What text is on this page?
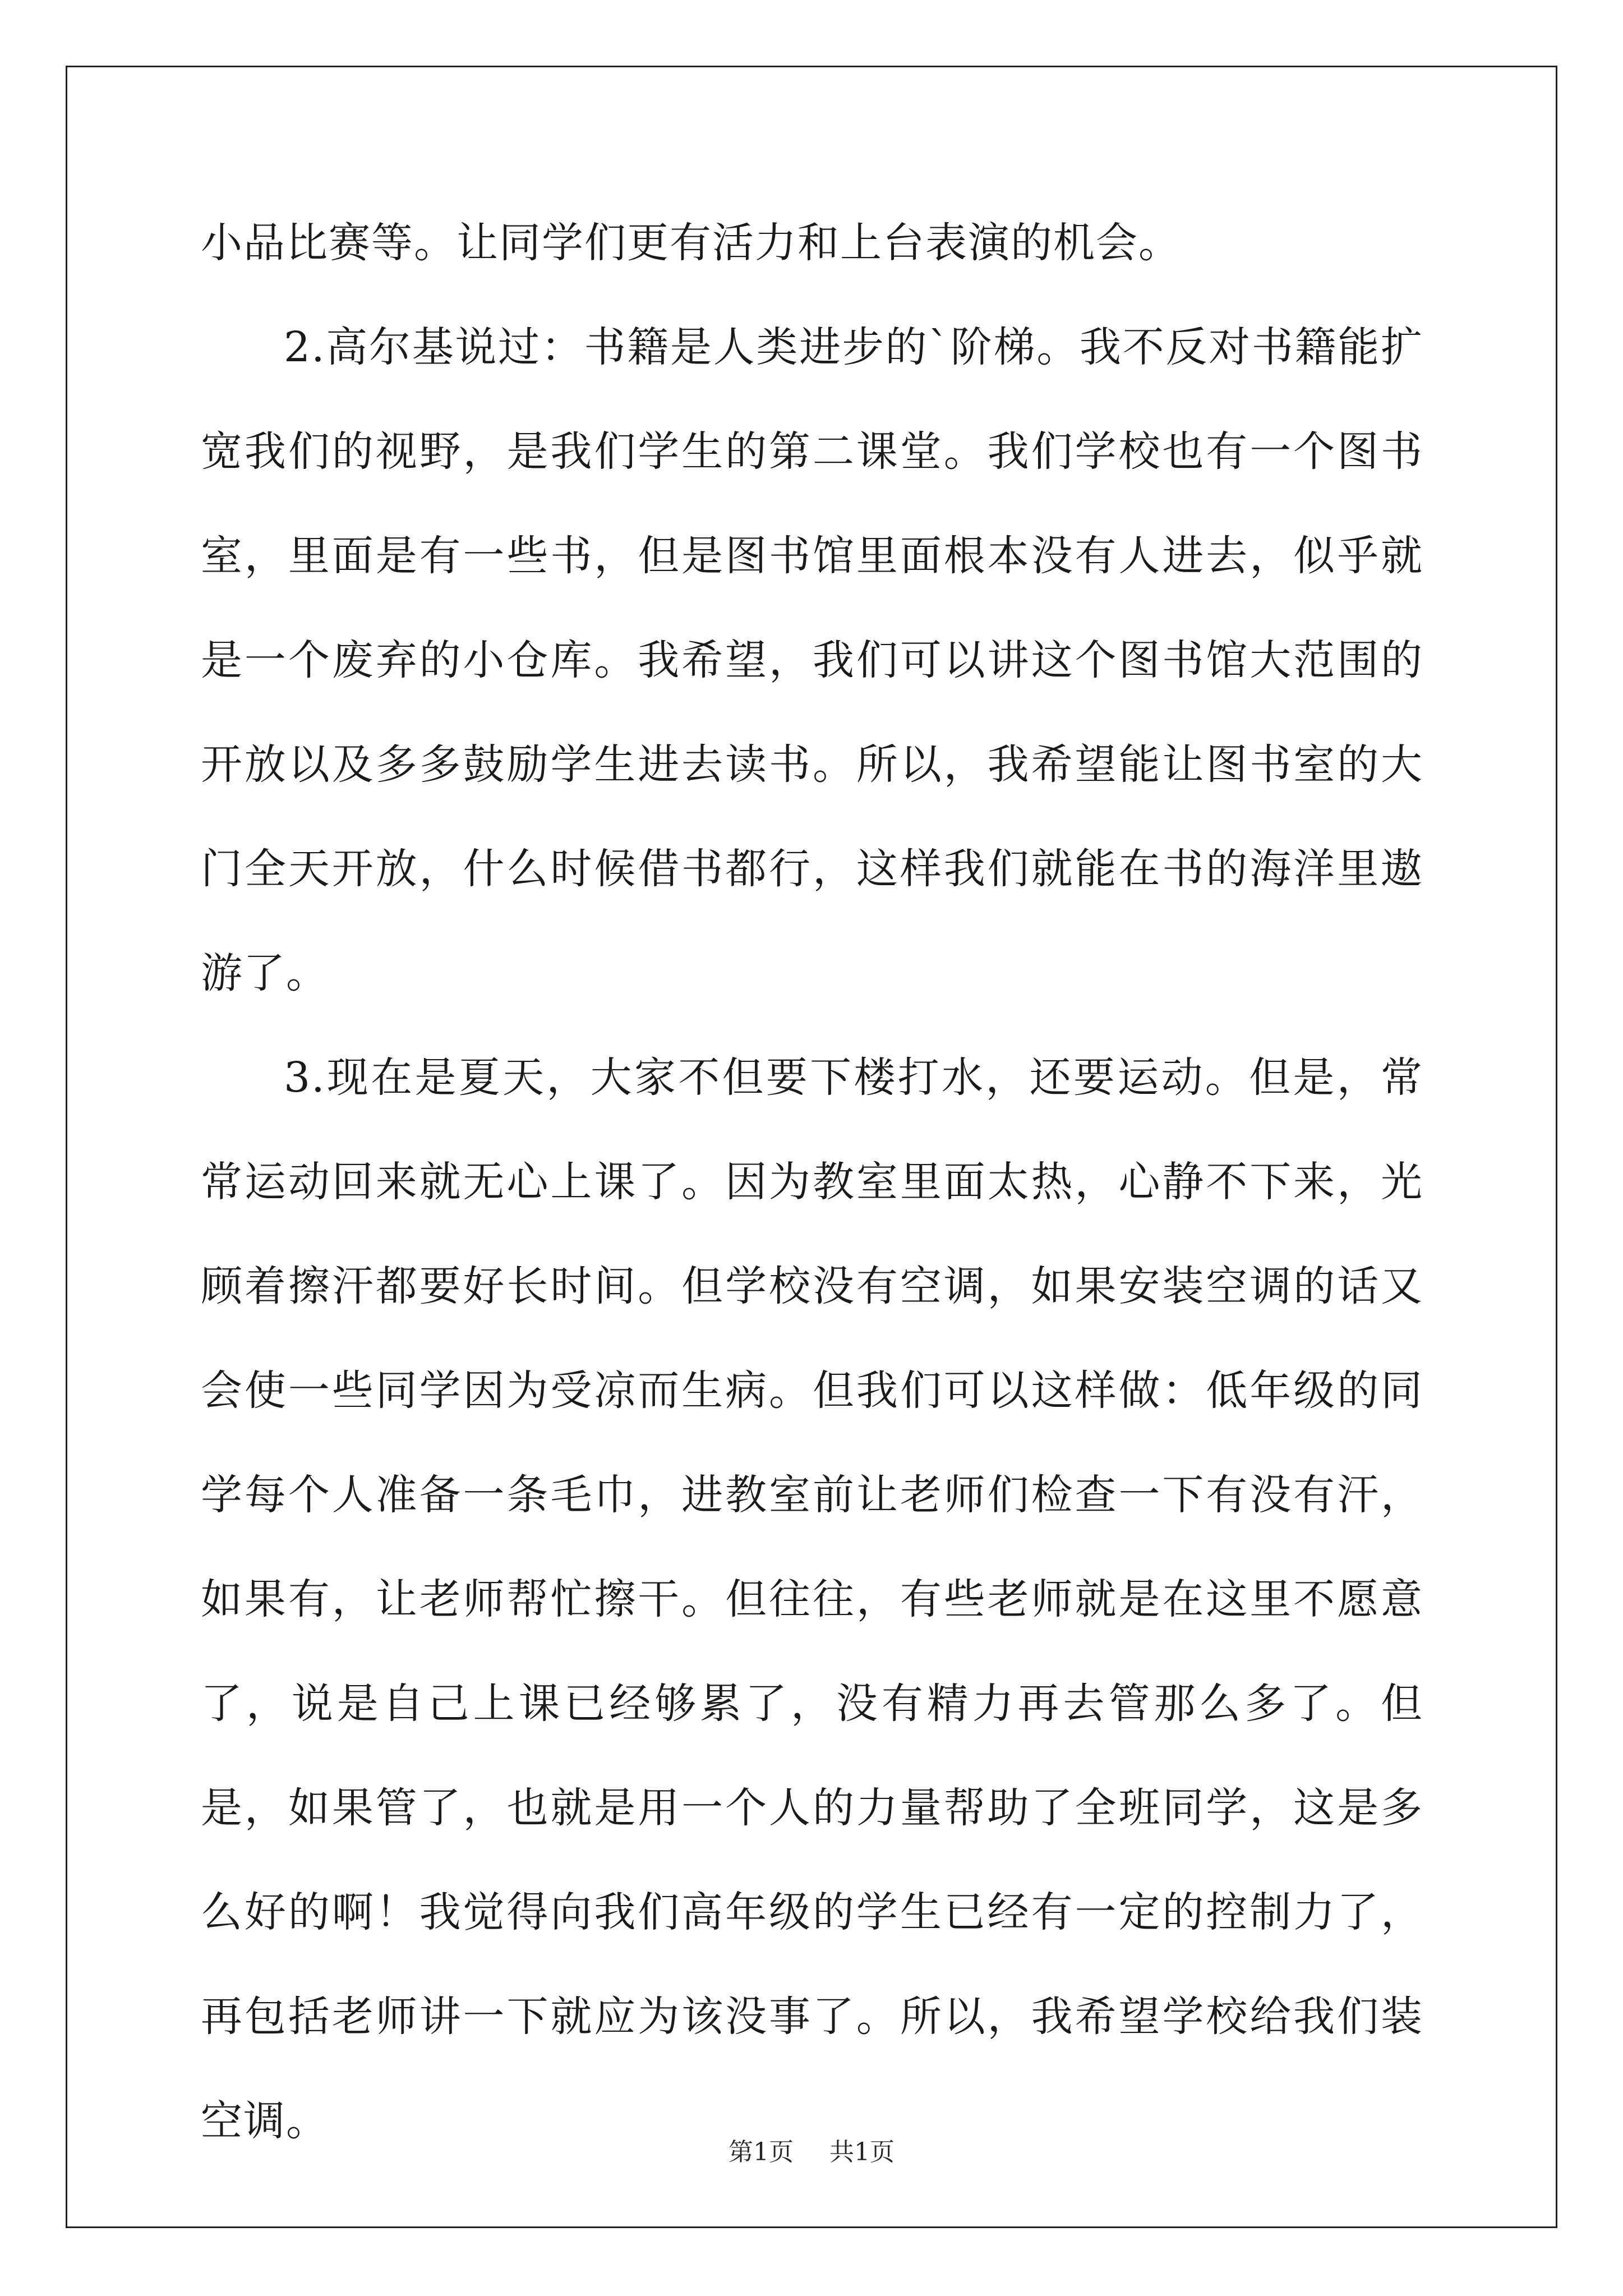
小品比赛等。让同学们更有活力和上台表演的机会。

2.高尔基说过：书籍是人类进步的`阶梯。我不反对书籍能扩宽我们的视野，是我们学生的第二课堂。我们学校也有一个图书室，里面是有一些书，但是图书馆里面根本没有人进去，似乎就是一个废弃的小仓库。我希望，我们可以讲这个图书馆大范围的开放以及多多鼓励学生进去读书。所以，我希望能让图书室的大门全天开放，什么时候借书都行，这样我们就能在书的海洋里遨游了。

3.现在是夏天，大家不但要下楼打水，还要运动。但是，常常运动回来就无心上课了。因为教室里面太热，心静不下来，光顾着擦汗都要好长时间。但学校没有空调，如果安装空调的话又会使一些同学因为受凉而生病。但我们可以这样做：低年级的同学每个人准备一条毛巾，进教室前让老师们检查一下有没有汗，如果有，让老师帮忙擦干。但往往，有些老师就是在这里不愿意了，说是自己上课已经够累了，没有精力再去管那么多了。但是，如果管了，也就是用一个人的力量帮助了全班同学，这是多么好的啊！我觉得向我们高年级的学生已经有一定的控制力了，再包括老师讲一下就应为该没事了。所以，我希望学校给我们装空调。

第1页 共1页
